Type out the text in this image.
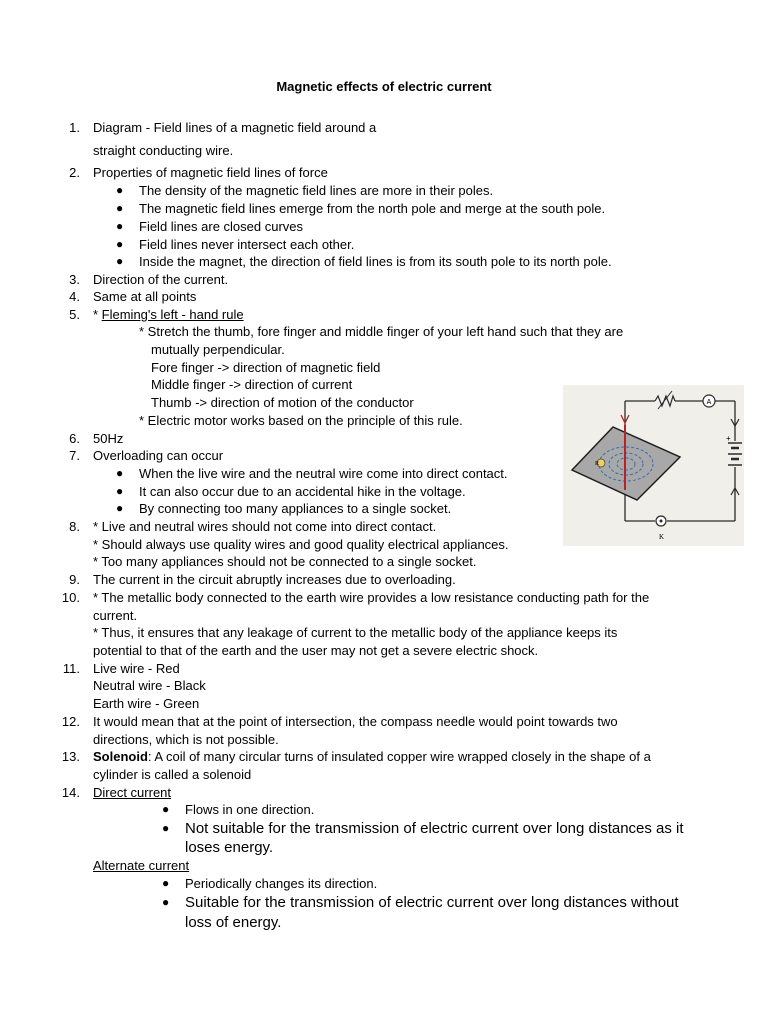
Magnetic effects of electric current
1. Diagram - Field lines of a magnetic field around a
straight conducting wire.
2. Properties of magnetic field lines of force
● The density of the magnetic field lines are more in their poles.
● The magnetic field lines emerge from the north pole and merge at the south pole.
● Field lines are closed curves
● Field lines never intersect each other.
● Inside the magnet, the direction of field lines is from its south pole to its north pole.
3. Direction of the current.
4. Same at all points
5. * Fleming's left - hand rule
* Stretch the thumb, fore finger and middle finger of your left hand such that they are
mutually perpendicular.
Fore finger -> direction of magnetic field
Middle finger -> direction of current
Thumb -> direction of motion of the conductor
* Electric motor works based on the principle of this rule.
6. 50Hz
7. Overloading can occur
● When the live wire and the neutral wire come into direct contact.
● It can also occur due to an accidental hike in the voltage.
● By connecting too many appliances to a single socket.
8. * Live and neutral wires should not come into direct contact.
* Should always use quality wires and good quality electrical appliances.
* Too many appliances should not be connected to a single socket.
9. The current in the circuit abruptly increases due to overloading.
10. * The metallic body connected to the earth wire provides a low resistance conducting path for the
current.
* Thus, it ensures that any leakage of current to the metallic body of the appliance keeps its
potential to that of the earth and the user may not get a severe electric shock.
11. Live wire - Red
Neutral wire - Black
Earth wire - Green
12. It would mean that at the point of intersection, the compass needle would point towards two
directions, which is not possible.
13. Solenoid: A coil of many circular turns of insulated copper wire wrapped closely in the shape of a
cylinder is called a solenoid
14. Direct current
● Flows in one direction.
● Not suitable for the transmission of electric current over long distances as it
loses energy.
Alternate current
● Periodically changes its direction.
● Suitable for the transmission of electric current over long distances without
loss of energy.
A
+
K
R
